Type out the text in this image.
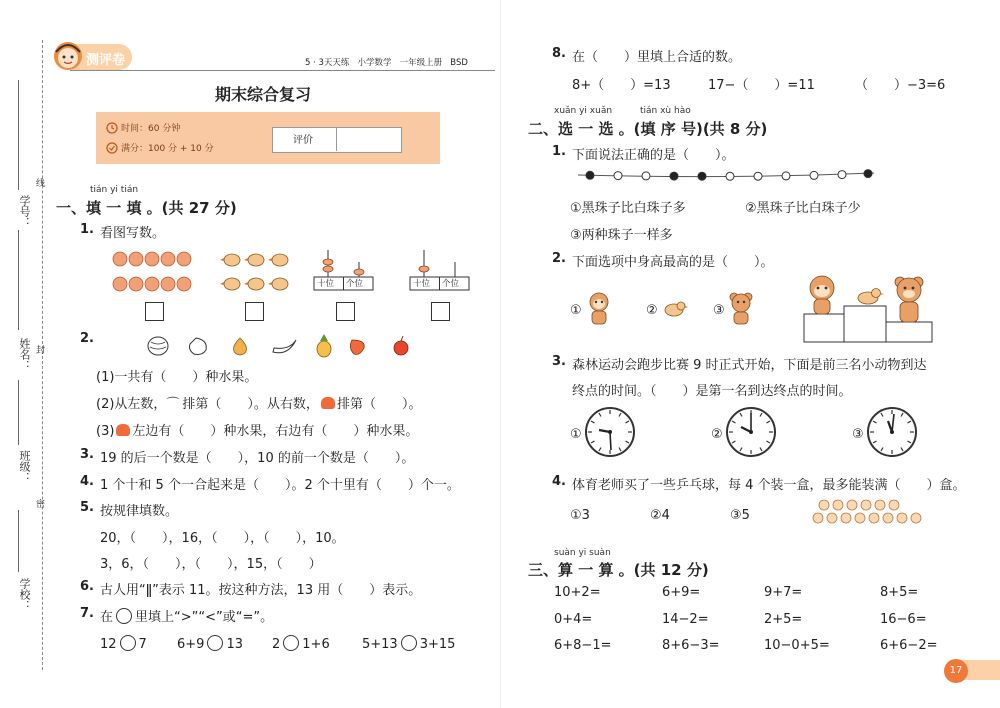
学号：
线
姓名： 封
班级：
密
学校：
测评卷	5 · 3天天练 小学数学 一年级上册 BSD
期末综合复习
时间：60 分钟
满分：100 分 + 10 分
评价
tián yi tián
一、填 一 填 。(共 27 分)
1. 看图写数。
十位 个位	十位 个位
2.
(1)一共有（　　）种水果。
(2)从左数，⌒ 排第（　　）。从右数， 排第（　　）。
(3) 左边有（　　）种水果，右边有（　　）种水果。
3. 19 的后一个数是（　　），10 的前一个数是（　　）。
4. 1 个十和 5 个一合起来是（　　）。2 个十里有（　　）个一。
5. 按规律填数。
20，（　　），16，（　　），（　　），10。
3，6，（　　），（　　），15，（　　）
6. 古人用“ǁ”表示 11。按这种方法，13 用（　　）表示。
7. 在 里填上“>”“<”或“=”。
12 7 6+9 13 2 1+6 5+13 3+15
8. 在（　　）里填上合适的数。
8+（　　）=13	17−（　　）=11	（　　）−3=6
xuǎn yi xuǎn	tián xù hào
二、选 一 选 。(填 序 号)(共 8 分)
1. 下面说法正确的是（　　）。
①黑珠子比白珠子多	②黑珠子比白珠子少
③两种珠子一样多
2. 下面选项中身高最高的是（　　）。
①	②	③
3. 森林运动会跑步比赛 9 时正式开始，下面是前三名小动物到达
终点的时间。（　　）是第一名到达终点的时间。
①	②	③
4. 体育老师买了一些乒乓球，每 4 个装一盒，最多能装满（　　）盒。
①3	②4	③5
suàn yi suàn
三、算 一 算 。(共 12 分)
10+2=	6+9=	9+7=	8+5=
0+4=	14−2=	2+5=	16−6=
6+8−1=	8+6−3=	10−0+5=	6+6−2=
17
